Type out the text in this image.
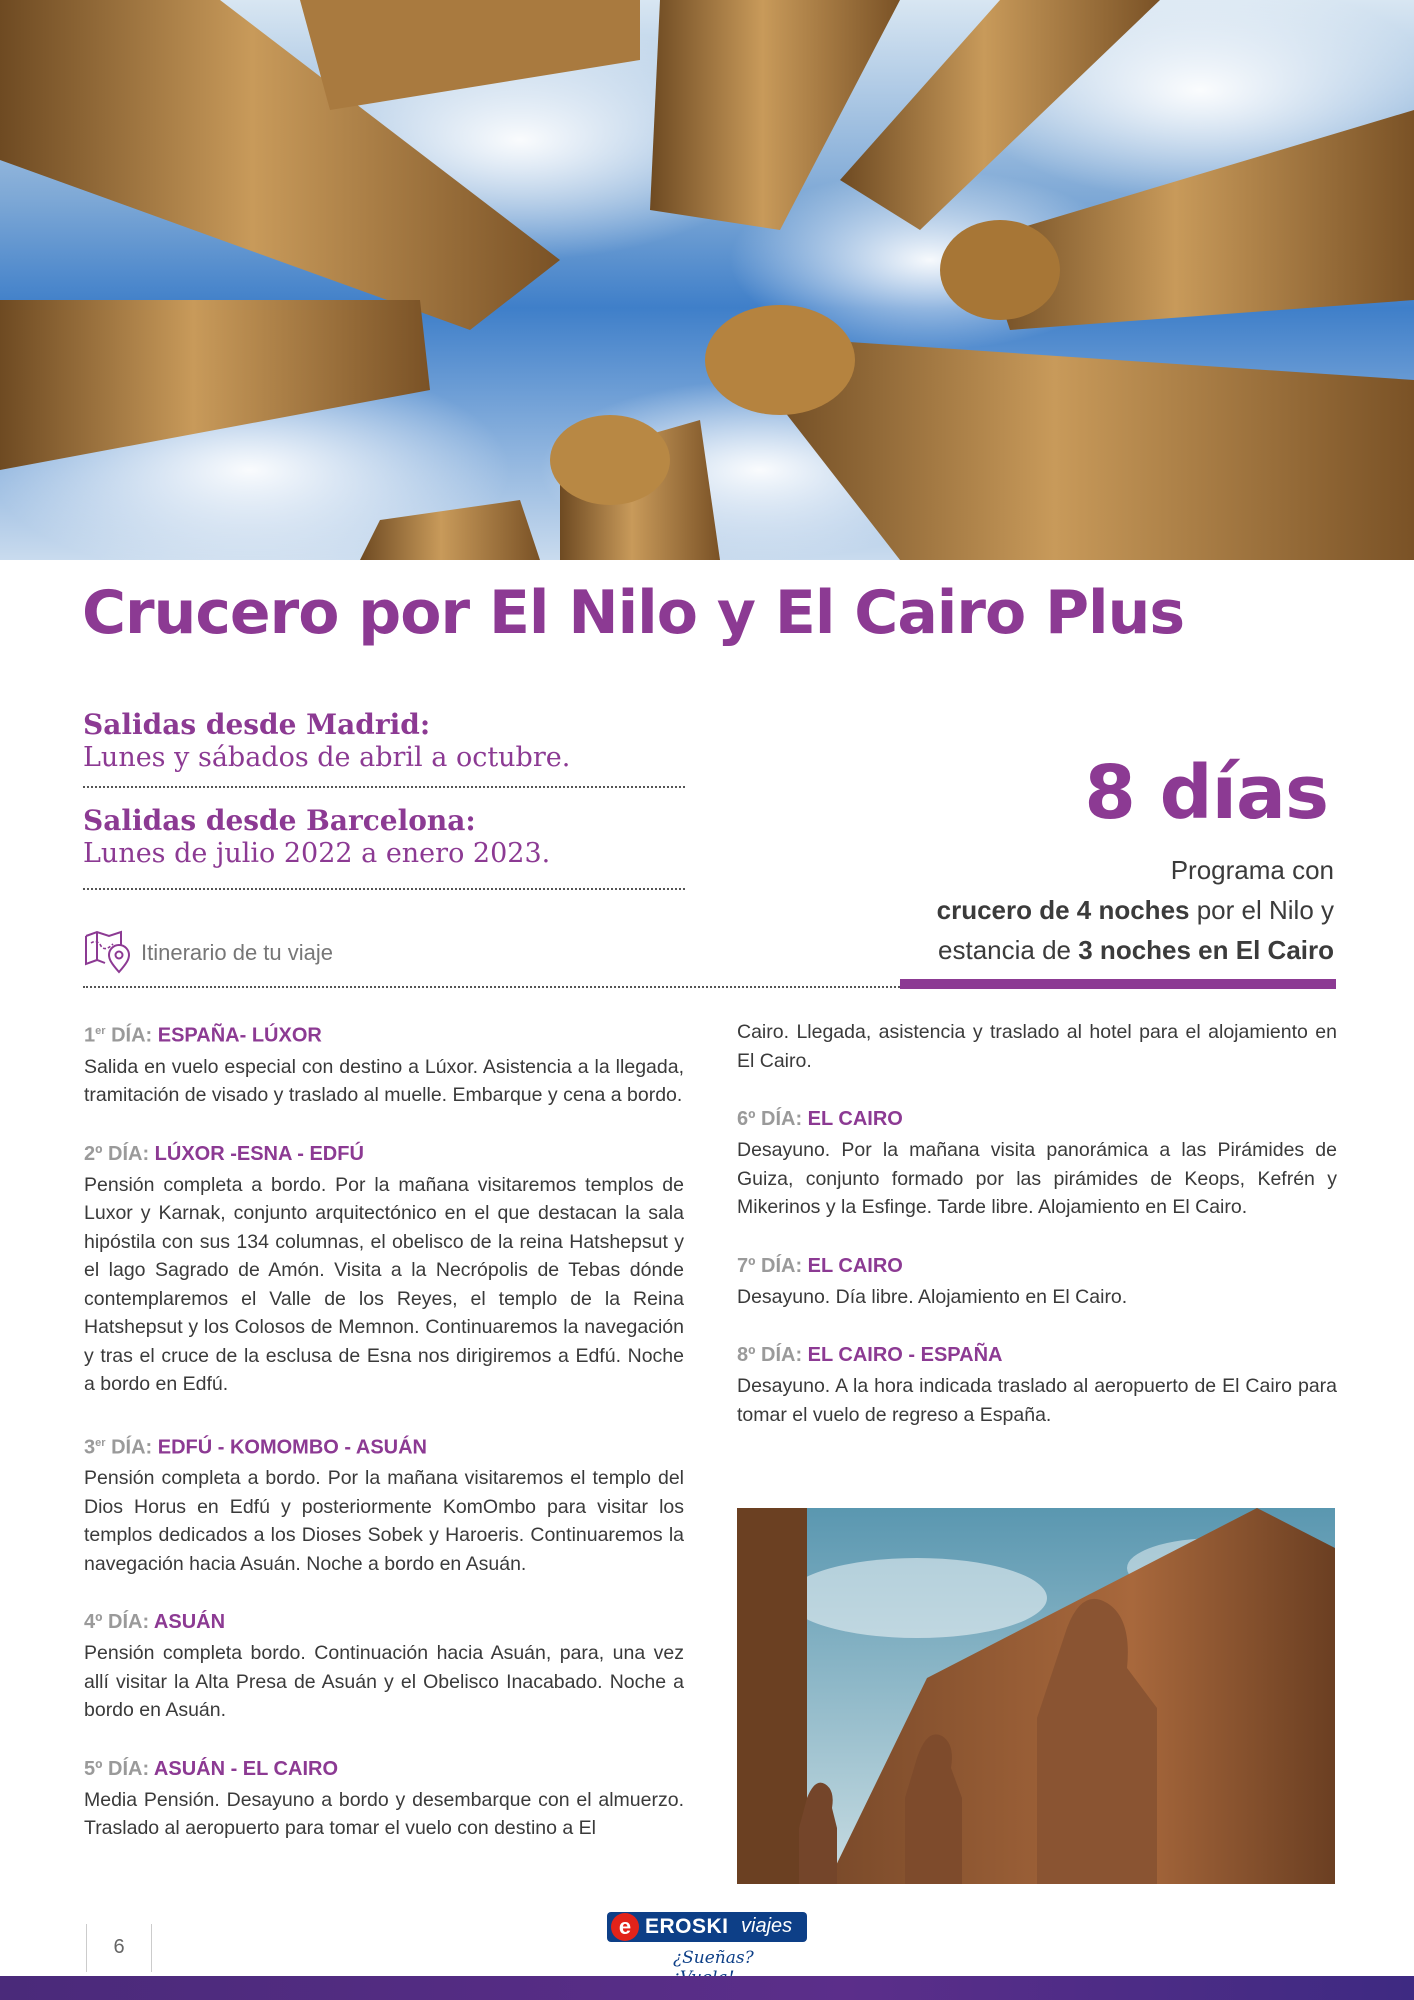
Crucero por El Nilo y El Cairo Plus

Salidas desde Madrid:

Lunes y sábados de abril a octubre.

Salidas desde Barcelona:

Lunes de julio 2022 a enero 2023.

8 días
Programa con
crucero de 4 noches por el Nilo y
estancia de 3 noches en El Cairo
Itinerario de tu viaje

1er DÍA: ESPAÑA- LÚXOR

Salida en vuelo especial con destino a Lúxor. Asistencia a la llegada, tramitación de visado y traslado al muelle. Embarque y cena a bordo.

2º DÍA: LÚXOR -ESNA - EDFÚ

Pensión completa a bordo. Por la mañana visitaremos templos de Luxor y Karnak, conjunto arquitectónico en el que destacan la sala hipóstila con sus 134 columnas, el obelisco de la reina Hatshepsut y el lago Sagrado de Amón. Visita a la Necrópolis de Tebas dónde contemplaremos el Valle de los Reyes, el templo de la Reina Hatshepsut y los Colosos de Memnon. Continuaremos la navegación y tras el cruce de la esclusa de Esna nos dirigiremos a Edfú. Noche a bordo en Edfú.

3er DÍA: EDFÚ - KOMOMBO - ASUÁN

Pensión completa a bordo. Por la mañana visitaremos el templo del Dios Horus en Edfú y posteriormente KomOmbo para visitar los templos dedicados a los Dioses Sobek y Haroeris. Continuaremos la navegación hacia Asuán. Noche a bordo en Asuán.

4º DÍA: ASUÁN

Pensión completa bordo. Continuación hacia Asuán, para, una vez allí visitar la Alta Presa de Asuán y el Obelisco Inacabado. Noche a bordo en Asuán.

5º DÍA: ASUÁN - EL CAIRO

Media Pensión. Desayuno a bordo y desembarque con el almuerzo. Traslado al aeropuerto para tomar el vuelo con destino a El

Cairo. Llegada, asistencia y traslado al hotel para el alojamiento en El Cairo.

6º DÍA: EL CAIRO

Desayuno. Por la mañana visita panorámica a las Pirámides de Guiza, conjunto formado por las pirámides de Keops, Kefrén y Mikerinos y la Esfinge. Tarde libre. Alojamiento en El Cairo.

7º DÍA: EL CAIRO

Desayuno. Día libre. Alojamiento en El Cairo.

8º DÍA: EL CAIRO - ESPAÑA

Desayuno. A la hora indicada traslado al aeropuerto de El Cairo para tomar el vuelo de regreso a España.

6
e EROSKI viajes
¿Sueñas?
